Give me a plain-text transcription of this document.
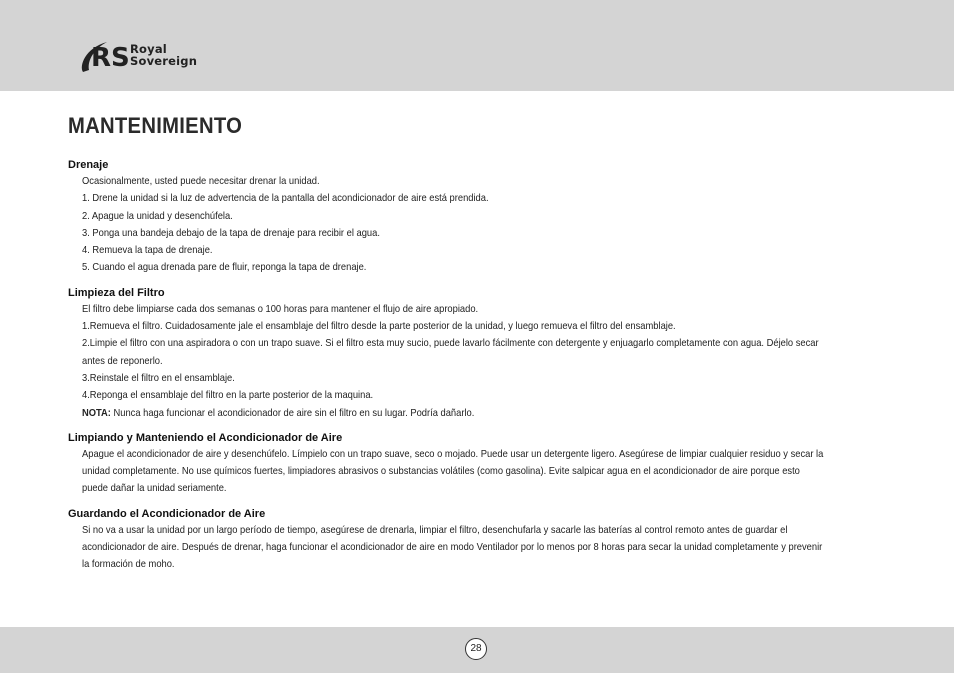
RS Royal
Sovereign
MANTENIMIENTO

Drenaje

Ocasionalmente, usted puede necesitar drenar la unidad.

1. Drene la unidad si la luz de advertencia de la pantalla del acondicionador de aire está prendida.

2. Apague la unidad y desenchúfela.

3. Ponga una bandeja debajo de la tapa de drenaje para recibir el agua.

4. Remueva la tapa de drenaje.

5. Cuando el agua drenada pare de fluir, reponga la tapa de drenaje.

Limpieza del Filtro

El filtro debe limpiarse cada dos semanas o 100 horas para mantener el flujo de aire apropiado.

1.Remueva el filtro. Cuidadosamente jale el ensamblaje del filtro desde la parte posterior de la unidad, y luego remueva el filtro del ensamblaje.

2.Limpie el filtro con una aspiradora o con un trapo suave. Si el filtro esta muy sucio, puede lavarlo fácilmente con detergente y enjuagarlo completamente con agua. Déjelo secar

antes de reponerlo.

3.Reinstale el filtro en el ensamblaje.

4.Reponga el ensamblaje del filtro en la parte posterior de la maquina.

NOTA: Nunca haga funcionar el acondicionador de aire sin el filtro en su lugar. Podría dañarlo.

Limpiando y Manteniendo el Acondicionador de Aire

Apague el acondicionador de aire y desenchúfelo. Límpielo con un trapo suave, seco o mojado. Puede usar un detergente ligero. Asegúrese de limpiar cualquier residuo y secar la

unidad completamente. No use químicos fuertes, limpiadores abrasivos o substancias volátiles (como gasolina). Evite salpicar agua en el acondicionador de aire porque esto

puede dañar la unidad seriamente.

Guardando el Acondicionador de Aire

Si no va a usar la unidad por un largo período de tiempo, asegúrese de drenarla, limpiar el filtro, desenchufarla y sacarle las baterías al control remoto antes de guardar el

acondicionador de aire. Después de drenar, haga funcionar el acondicionador de aire en modo Ventilador por lo menos por 8 horas para secar la unidad completamente y prevenir

la formación de moho.

28
